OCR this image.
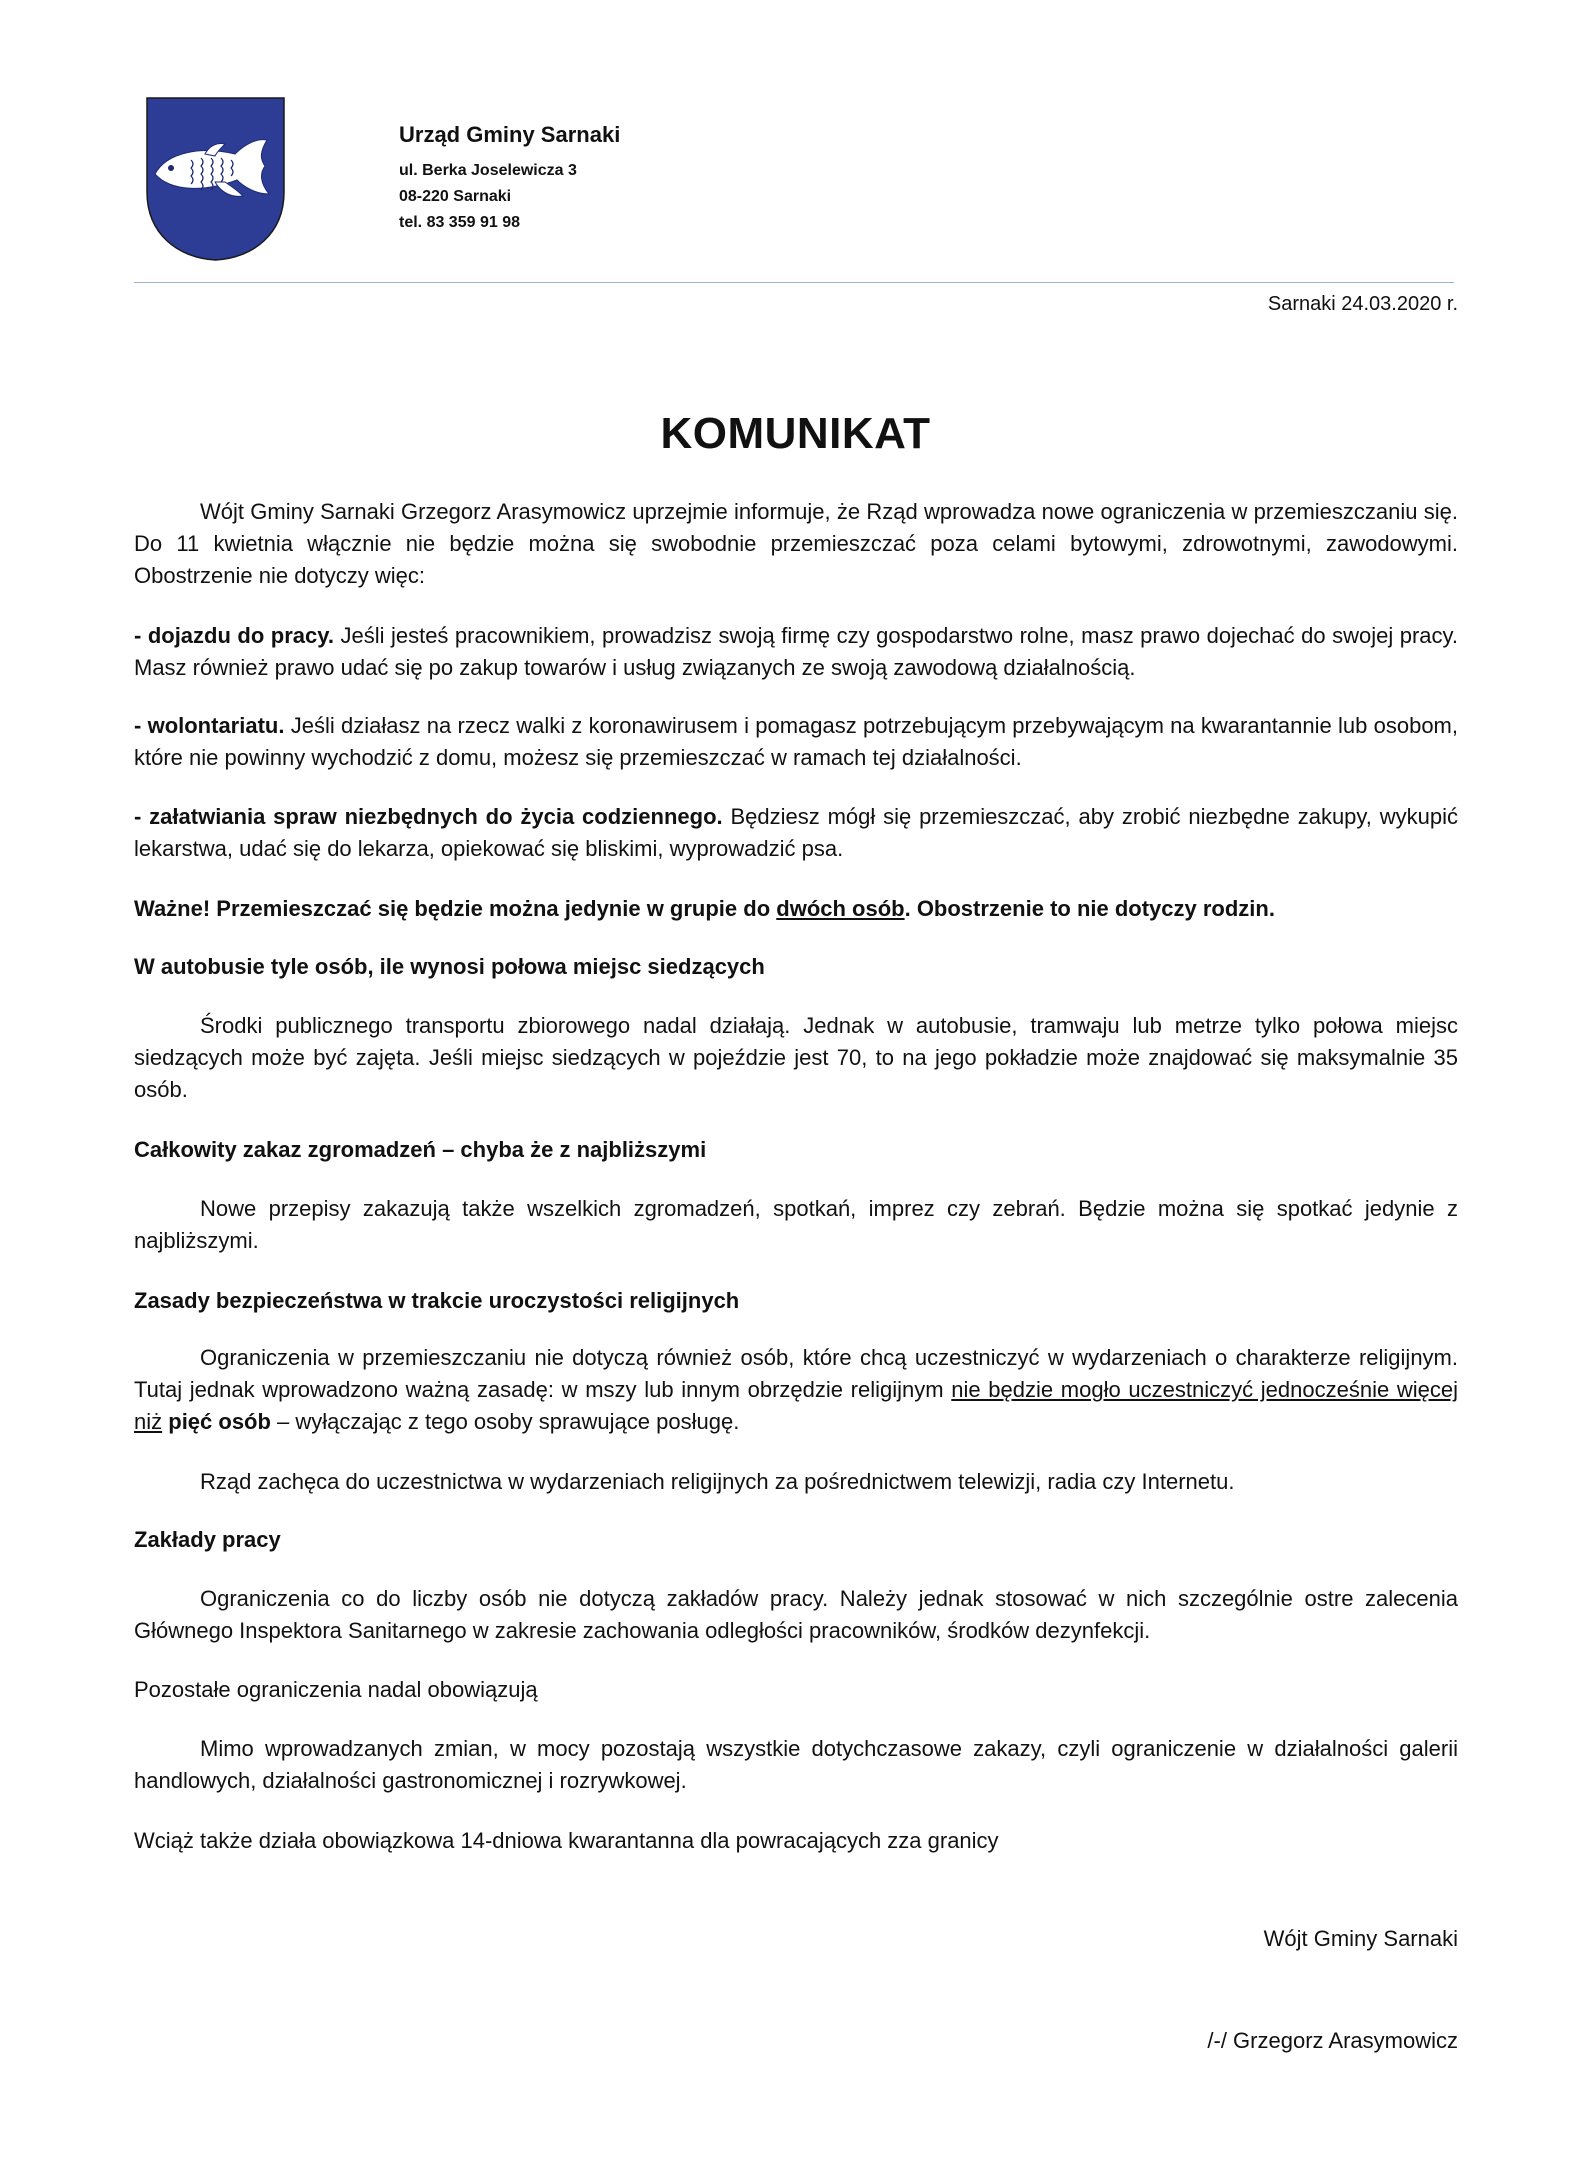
Urząd Gminy Sarnaki

ul. Berka Joselewicza 3

08-220 Sarnaki

tel. 83 359 91 98

Sarnaki 24.03.2020 r.
KOMUNIKAT

Wójt Gminy Sarnaki Grzegorz Arasymowicz uprzejmie informuje, że Rząd wprowadza nowe ograniczenia w przemieszczaniu się. Do 11 kwietnia włącznie nie będzie można się swobodnie przemieszczać poza celami bytowymi, zdrowotnymi, zawodowymi. Obostrzenie nie dotyczy więc:

- dojazdu do pracy. Jeśli jesteś pracownikiem, prowadzisz swoją firmę czy gospodarstwo rolne, masz prawo dojechać do swojej pracy. Masz również prawo udać się po zakup towarów i usług związanych ze swoją zawodową działalnością.

- wolontariatu. Jeśli działasz na rzecz walki z koronawirusem i pomagasz potrzebującym przebywającym na kwarantannie lub osobom, które nie powinny wychodzić z domu, możesz się przemieszczać w ramach tej działalności.

- załatwiania spraw niezbędnych do życia codziennego. Będziesz mógł się przemieszczać, aby zrobić niezbędne zakupy, wykupić lekarstwa, udać się do lekarza, opiekować się bliskimi, wyprowadzić psa.

Ważne! Przemieszczać się będzie można jedynie w grupie do dwóch osób. Obostrzenie to nie dotyczy rodzin.

W autobusie tyle osób, ile wynosi połowa miejsc siedzących

Środki publicznego transportu zbiorowego nadal działają. Jednak w autobusie, tramwaju lub metrze tylko połowa miejsc siedzących może być zajęta. Jeśli miejsc siedzących w pojeździe jest 70, to na jego pokładzie może znajdować się maksymalnie 35 osób.

Całkowity zakaz zgromadzeń – chyba że z najbliższymi

Nowe przepisy zakazują także wszelkich zgromadzeń, spotkań, imprez czy zebrań. Będzie można się spotkać jedynie z najbliższymi.

Zasady bezpieczeństwa w trakcie uroczystości religijnych

Ograniczenia w przemieszczaniu nie dotyczą również osób, które chcą uczestniczyć w wydarzeniach o charakterze religijnym. Tutaj jednak wprowadzono ważną zasadę: w mszy lub innym obrzędzie religijnym nie będzie mogło uczestniczyć jednocześnie więcej niż pięć osób – wyłączając z tego osoby sprawujące posługę.

Rząd zachęca do uczestnictwa w wydarzeniach religijnych za pośrednictwem telewizji, radia czy Internetu.

Zakłady pracy

Ograniczenia co do liczby osób nie dotyczą zakładów pracy. Należy jednak stosować w nich szczególnie ostre zalecenia Głównego Inspektora Sanitarnego w zakresie zachowania odległości pracowników, środków dezynfekcji.

Pozostałe ograniczenia nadal obowiązują

Mimo wprowadzanych zmian, w mocy pozostają wszystkie dotychczasowe zakazy, czyli ograniczenie w działalności galerii handlowych, działalności gastronomicznej i rozrywkowej.

Wciąż także działa obowiązkowa 14-dniowa kwarantanna dla powracających zza granicy

Wójt Gminy Sarnaki
/-/ Grzegorz Arasymowicz
